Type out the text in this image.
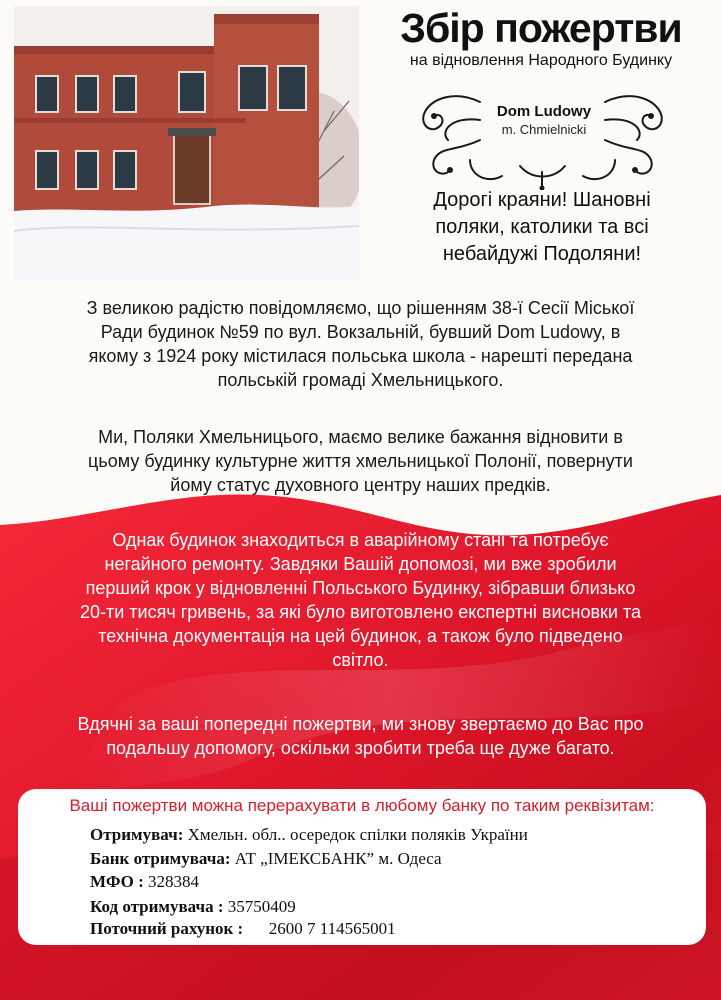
Збір пожертви
на відновлення Народного Будинку
Dom Ludowy
m. Chmielnicki
Дорогі краяни! Шановні
поляки, католики та всі
небайдужі Подоляни!
З великою радістю повідомляємо, що рішенням 38-ї Сесії Міської
Ради будинок №59 по вул. Вокзальній, бувший Dom Ludowy, в
якому з 1924 року містилася польська школа - нарешті передана
польській громаді Хмельницького.
Ми, Поляки Хмельницього, маємо велике бажання відновити в
цьому будинку культурне життя хмельницької Полонії, повернути
йому статус духовного центру наших предків.
Однак будинок знаходиться в аварійному стані та потребує
негайного ремонту. Завдяки Вашій допомозі, ми вже зробили
перший крок у відновленні Польського Будинку, зібравши близько
20-ти тисяч гривень, за які було виготовлено експертні висновки та
технічна документація на цей будинок, а також було підведено
світло.
Вдячні за ваші попередні пожертви, ми знову звертаємо до Вас про
подальшу допомогу, оскільки зробити треба ще дуже багато.
Ваші пожертви можна перерахувати в любому банку по таким реквізитам:
Отримувач: Хмельн. обл.. осередок спілки поляків України
Банк отримувача: АТ „ІМЕКСБАНК” м. Одеса
МФО : 328384
Код отримувача : 35750409
Поточний рахунок :      2600 7 114565001
